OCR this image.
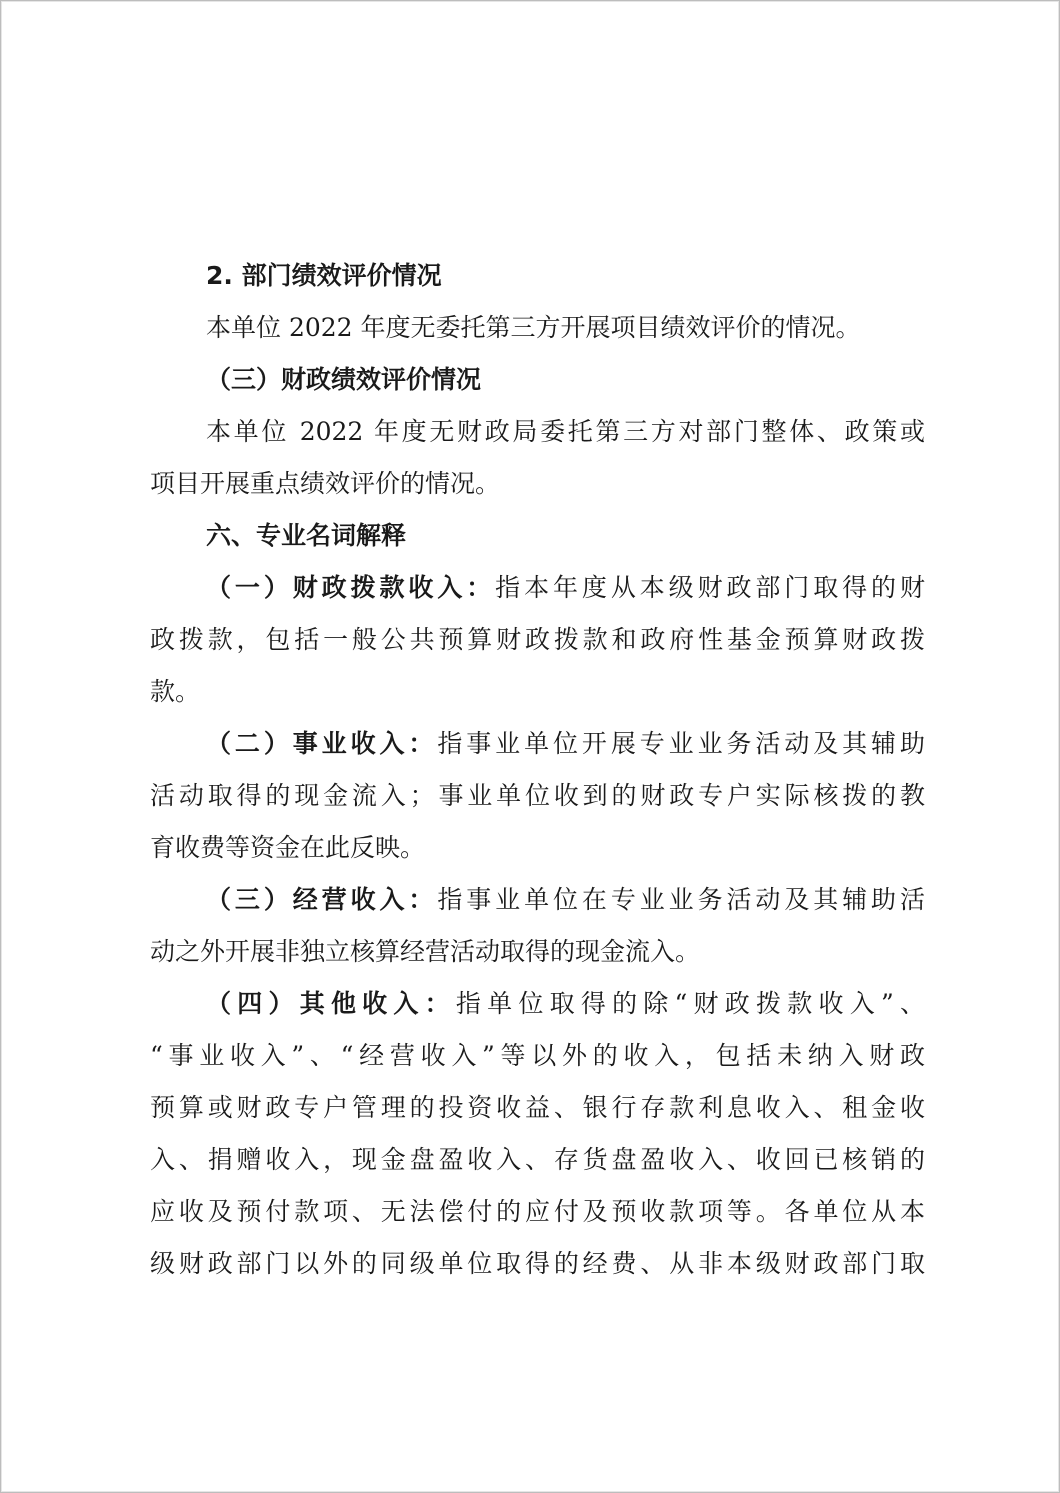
2. 部门绩效评价情况
本单位 2022 年度无委托第三方开展项目绩效评价的情况。
（三）财政绩效评价情况
本单位 2022 年度无财政局委托第三方对部门整体、政策或
项目开展重点绩效评价的情况。
六、专业名词解释
（一）财政拨款收入：指本年度从本级财政部门取得的财
政拨款，包括一般公共预算财政拨款和政府性基金预算财政拨
款。
（二）事业收入：指事业单位开展专业业务活动及其辅助
活动取得的现金流入；事业单位收到的财政专户实际核拨的教
育收费等资金在此反映。
（三）经营收入：指事业单位在专业业务活动及其辅助活
动之外开展非独立核算经营活动取得的现金流入。
（四）其他收入：指单位取得的除“财政拨款收入”、
“事业收入”、“经营收入”等以外的收入，包括未纳入财政
预算或财政专户管理的投资收益、银行存款利息收入、租金收
入、捐赠收入，现金盘盈收入、存货盘盈收入、收回已核销的
应收及预付款项、无法偿付的应付及预收款项等。各单位从本
级财政部门以外的同级单位取得的经费、从非本级财政部门取
